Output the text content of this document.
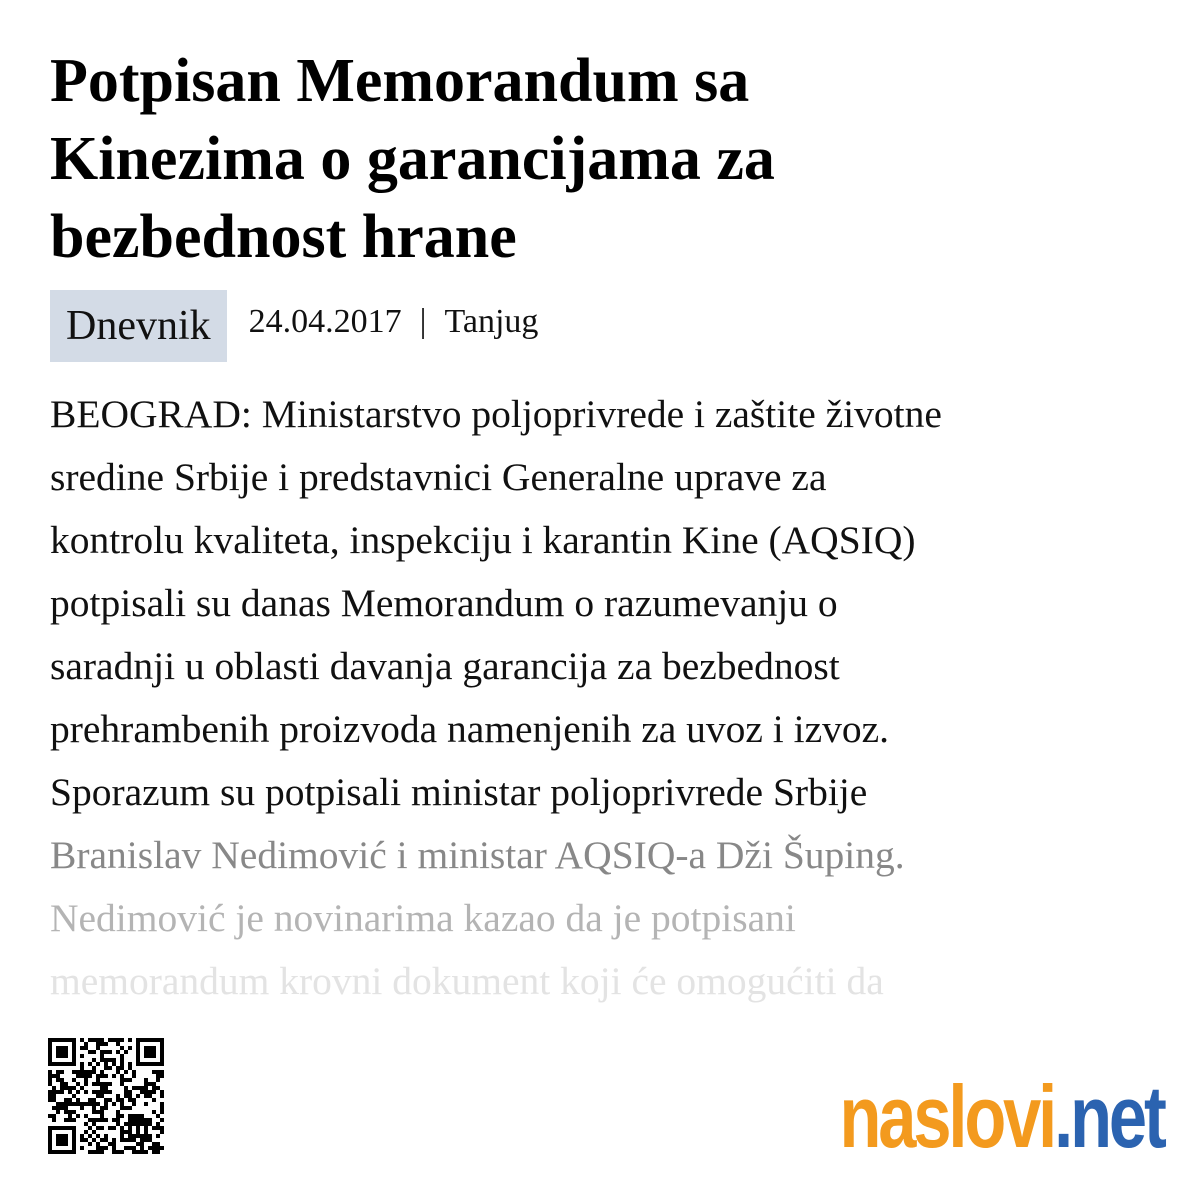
Potpisan Memorandum sa
Kinezima o garancijama za
bezbednost hrane
Dnevnik	24.04.2017 | Tanjug
BEOGRAD: Ministarstvo poljoprivrede i zaštite životne
sredine Srbije i predstavnici Generalne uprave za
kontrolu kvaliteta, inspekciju i karantin Kine (AQSIQ)
potpisali su danas Memorandum o razumevanju o
saradnji u oblasti davanja garancija za bezbednost
prehrambenih proizvoda namenjenih za uvoz i izvoz.
Sporazum su potpisali ministar poljoprivrede Srbije
Branislav Nedimović i ministar AQSIQ-a Dži Šuping.
Nedimović je novinarima kazao da je potpisani
memorandum krovni dokument koji će omogućiti da
naslovi.net
